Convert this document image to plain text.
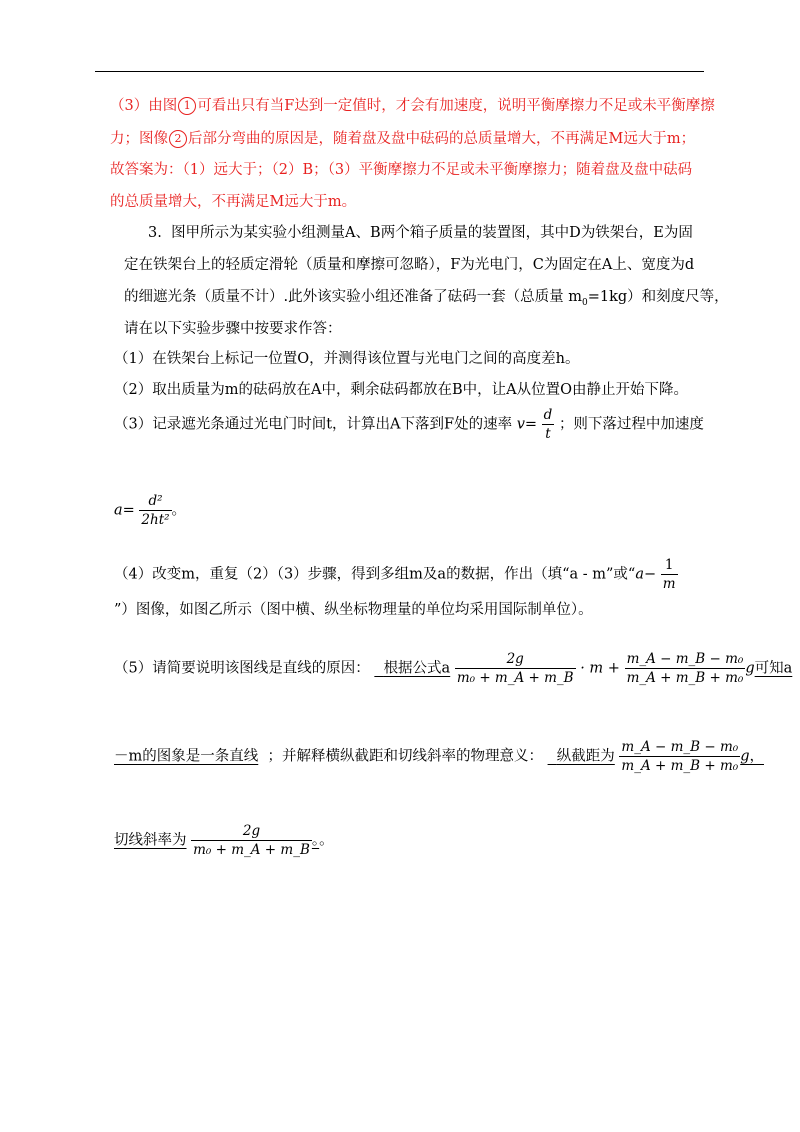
（3）由图 1 可看出只有当F达到一定值时，才会有加速度，说明平衡摩擦力不足或未平衡摩擦
力；图像 2 后部分弯曲的原因是，随着盘及盘中砝码的总质量增大，不再满足M远大于m；
故答案为：（1）远大于；（2）B；（3）平衡摩擦力不足或未平衡摩擦力；随着盘及盘中砝码
的总质量增大，不再满足M远大于m。
3. 图甲所示为某实验小组测量A、B两个箱子质量的装置图，其中D为铁架台，E为固
定在铁架台上的轻质定滑轮（质量和摩擦可忽略），F为光电门，C为固定在A上、宽度为d
的细遮光条（质量不计）.此外该实验小组还准备了砝码一套（总质量 $m_0=1kg$）和刻度尺等，
请在以下实验步骤中按要求作答：
（1）在铁架台上标记一位置O，并测得该位置与光电门之间的高度差h。
（2）取出质量为m的砝码放在A中，剩余砝码都放在B中，让A从位置O由静止开始下降。
（3）记录遮光条通过光电门时间t，计算出A下落到F处的速率 $v= \frac{d}{t}$ ；则下落过程中加速度
$a= \frac{\text{d²}}{\text{2ht²}}$ 。
（4）改变m，重复（2）（3）步骤，得到多组m及a的数据，作出（填“a - m”或“$a- \frac{1}{m}$
”）图像，如图乙所示（图中横、纵坐标物理量的单位均采用国际制单位）。
（5）请简要说明该图线是直线的原因： 根据公式a $\frac{2g}{\text{m₀ + m\_A + m\_B}} \cdot m + \frac{\text{m\_A − m\_B − m₀}}{\text{m\_A + m\_B + m₀}}$ g可知a
－m的图象是一条直线 ；并解释横纵截距和切线斜率的物理意义： 纵截距为 $\frac{\text{m\_A − m\_B − m₀}}{\text{m\_A + m\_B + m₀}}$ g，
切线斜率为 $\frac{2g}{\text{m₀ + m\_A + m\_B}}$ 。。
